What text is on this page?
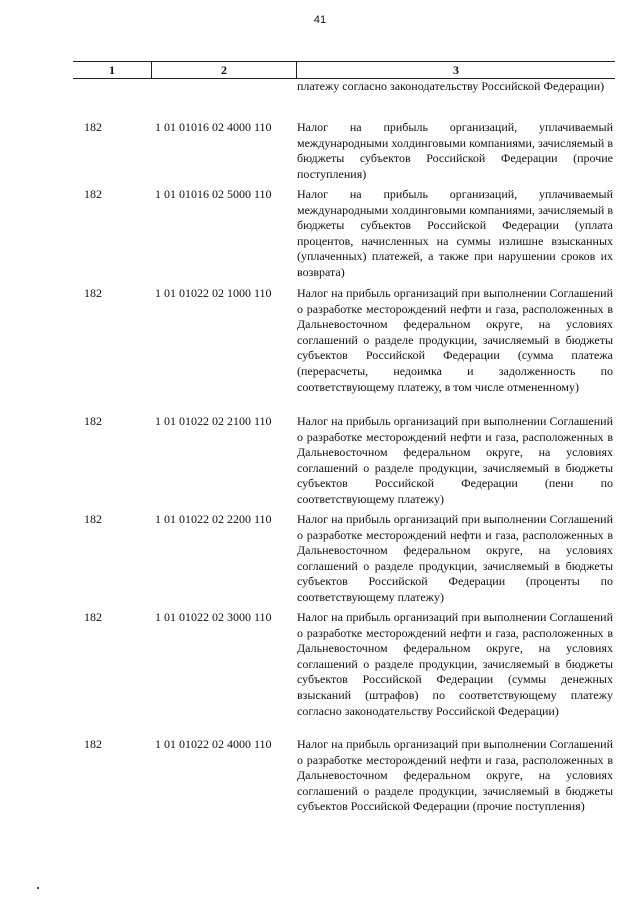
41
1	2	3
платежу согласно законодательству Российской Федерации)
182	1 01 01016 02 4000 110 Налог на прибыль организаций, уплачиваемый международными холдинговыми компаниями, зачисляемый в бюджеты субъектов Российской Федерации (прочие поступления)
182	1 01 01016 02 5000 110 Налог на прибыль организаций, уплачиваемый международными холдинговыми компаниями, зачисляемый в бюджеты субъектов Российской Федерации (уплата процентов, начисленных на суммы излишне взысканных (уплаченных) платежей, а также при нарушении сроков их возврата)
182	1 01 01022 02 1000 110 Налог на прибыль организаций при выполнении Соглашений о разработке месторождений нефти и газа, расположенных в Дальневосточном федеральном округе, на условиях соглашений о разделе продукции, зачисляемый в бюджеты субъектов Российской Федерации (сумма платежа (перерасчеты, недоимка и задолженность по соответствующему платежу, в том числе отмененному)
182	1 01 01022 02 2100 110 Налог на прибыль организаций при выполнении Соглашений о разработке месторождений нефти и газа, расположенных в Дальневосточном федеральном округе, на условиях соглашений о разделе продукции, зачисляемый в бюджеты субъектов Российской Федерации (пени по соответствующему платежу)
182	1 01 01022 02 2200 110 Налог на прибыль организаций при выполнении Соглашений о разработке месторождений нефти и газа, расположенных в Дальневосточном федеральном округе, на условиях соглашений о разделе продукции, зачисляемый в бюджеты субъектов Российской Федерации (проценты по соответствующему платежу)
182	1 01 01022 02 3000 110 Налог на прибыль организаций при выполнении Соглашений о разработке месторождений нефти и газа, расположенных в Дальневосточном федеральном округе, на условиях соглашений о разделе продукции, зачисляемый в бюджеты субъектов Российской Федерации (суммы денежных взысканий (штрафов) по соответствующему платежу согласно законодательству Российской Федерации)
182	1 01 01022 02 4000 110 Налог на прибыль организаций при выполнении Соглашений о разработке месторождений нефти и газа, расположенных в Дальневосточном федеральном округе, на условиях соглашений о разделе продукции, зачисляемый в бюджеты субъектов Российской Федерации (прочие поступления)
